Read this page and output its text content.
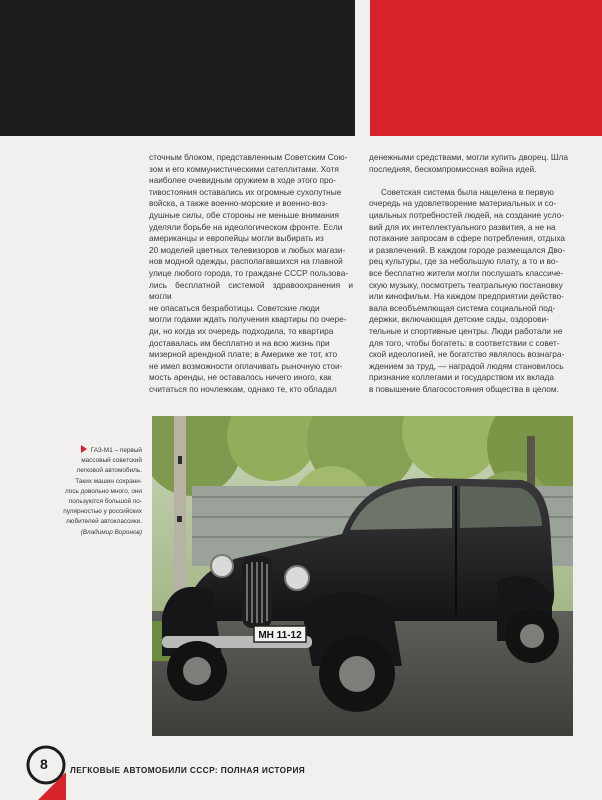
сточным блоком, представленным Советским Сою-
зом и его коммунистическими сателлитами. Хотя
наиболее очевидным оружием в ходе этого про-
тивостояния оставались их огромные сухопутные
войска, а также военно-морские и военно-воз-
душные силы, обе стороны не меньше внимания
уделяли борьбе на идеологическом фронте. Если
американцы и европейцы могли выбирать из
20 моделей цветных телевизоров и любых магази-
нов модной одежды, располагавшихся на главной
улице любого города, то граждане СССР пользова-
лись бесплатной системой здравоохранения и могли
не опасаться безработицы. Советские люди
могли годами ждать получения квартиры по очере-
ди, но когда их очередь подходила, то квартира
доставалась им бесплатно и на всю жизнь при
мизерной арендной плате; в Америке же тот, кто
не имел возможности оплачивать рыночную стои-
мость аренды, не оставалось ничего иного, как
считаться по ночлежкам, однако те, кто обладал
денежными средствами, могли купить дворец. Шла
последняя, бескомпромиссная война идей.
Советская система была нацелена в первую
очередь на удовлетворение материальных и со-
циальных потребностей людей, на создание усло-
вий для их интеллектуального развития, а не на
потакание запросам в сфере потребления, отдыха
и развлечений. В каждом городе размещался Дво-
рец культуры, где за небольшую плату, а то и во-
все бесплатно жители могли послушать классиче-
скую музыку, посмотреть театральную постановку
или кинофильм. На каждом предприятии действо-
вала всеобъемлющая система социальной под-
держки, включающая детские сады, оздорови-
тельные и спортивные центры. Люди работали не
для того, чтобы богатеть: в соответствии с совет-
ской идеологией, не богатство являлось вознагра-
ждением за труд, — наградой людям становилось
признание коллегами и государством их вклада
в повышение благосостояния общества в целом.
ГАЗ-М1 – первый
массовый советский
легковой автомобиль.
Таких машин сохрани-
лось довольно много, они
пользуются большой по-
пулярностью у российских
любителей автоклассики.
(Владимир Воронов)
МН 11-12
8	ЛЕГКОВЫЕ АВТОМОБИЛИ СССР: ПОЛНАЯ ИСТОРИЯ
